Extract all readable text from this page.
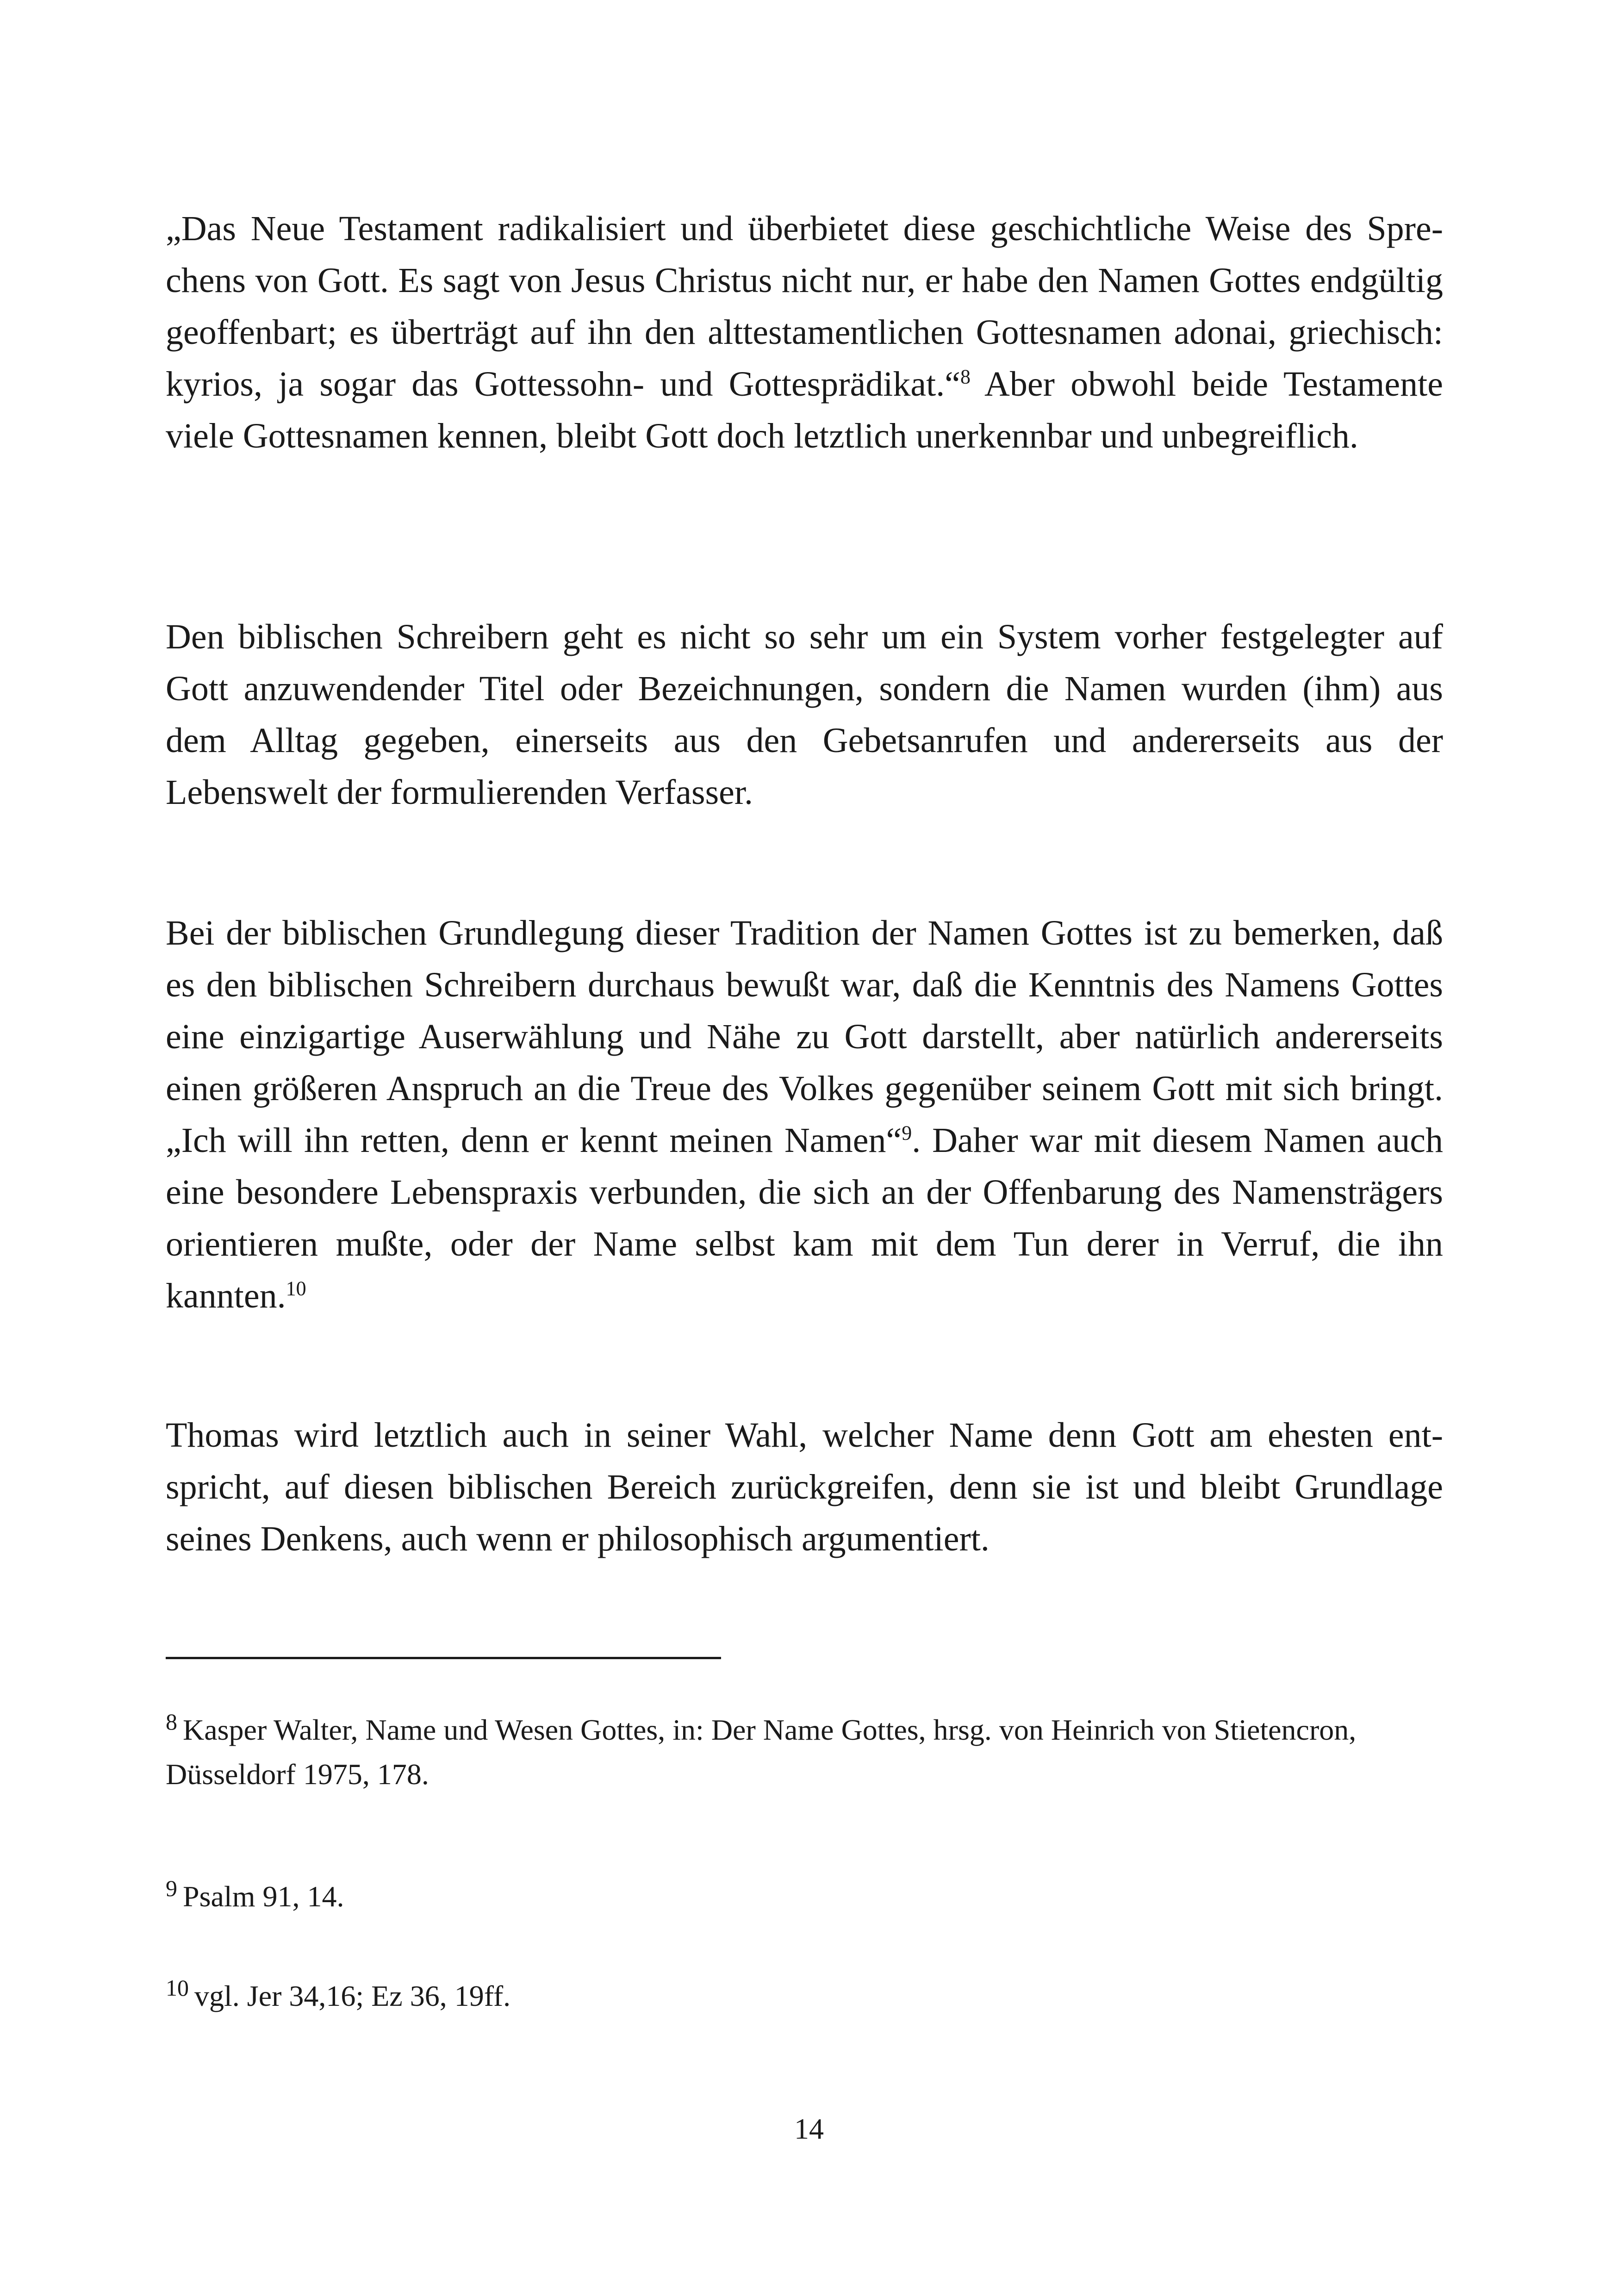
„Das Neue Testament radikalisiert und überbietet diese geschichtliche Weise des Sprechens von Gott. Es sagt von Jesus Christus nicht nur, er habe den Namen Gottes endgültig geoffenbart; es überträgt auf ihn den alttestamentlichen Gottesnamen adonai, griechisch: kyrios, ja sogar das Gottessohn- und Gottesprädikat.“$^8$ Aber obwohl beide Testamente viele Gottesnamen kennen, bleibt Gott doch letztlich unerkennbar und unbegreiflich.

Den biblischen Schreibern geht es nicht so sehr um ein System vorher festgelegter auf Gott anzuwendender Titel oder Bezeichnungen, sondern die Namen wurden (ihm) aus dem Alltag gegeben, einerseits aus den Gebetsanrufen und andererseits aus der Lebenswelt der formulierenden Verfasser.

Bei der biblischen Grundlegung dieser Tradition der Namen Gottes ist zu bemerken, daß es den biblischen Schreibern durchaus bewußt war, daß die Kenntnis des Namens Gottes eine einzigartige Auserwählung und Nähe zu Gott darstellt, aber natürlich andererseits einen größeren Anspruch an die Treue des Volkes gegenüber seinem Gott mit sich bringt. „Ich will ihn retten, denn er kennt meinen Namen“$^9$. Daher war mit diesem Namen auch eine besondere Lebenspraxis verbunden, die sich an der Offenbarung des Namensträgers orientieren mußte, oder der Name selbst kam mit dem Tun derer in Verruf, die ihn kannten.$^{10}$

Thomas wird letztlich auch in seiner Wahl, welcher Name denn Gott am ehesten entspricht, auf diesen biblischen Bereich zurückgreifen, denn sie ist und bleibt Grundlage seines Denkens, auch wenn er philosophisch argumentiert.

$^8$ Kasper Walter, Name und Wesen Gottes, in: Der Name Gottes, hrsg. von Heinrich von Stietencron, Düsseldorf 1975, 178.
$^9$ Psalm 91, 14.
$^{10}$ vgl. Jer 34,16; Ez 36, 19ff.
14
